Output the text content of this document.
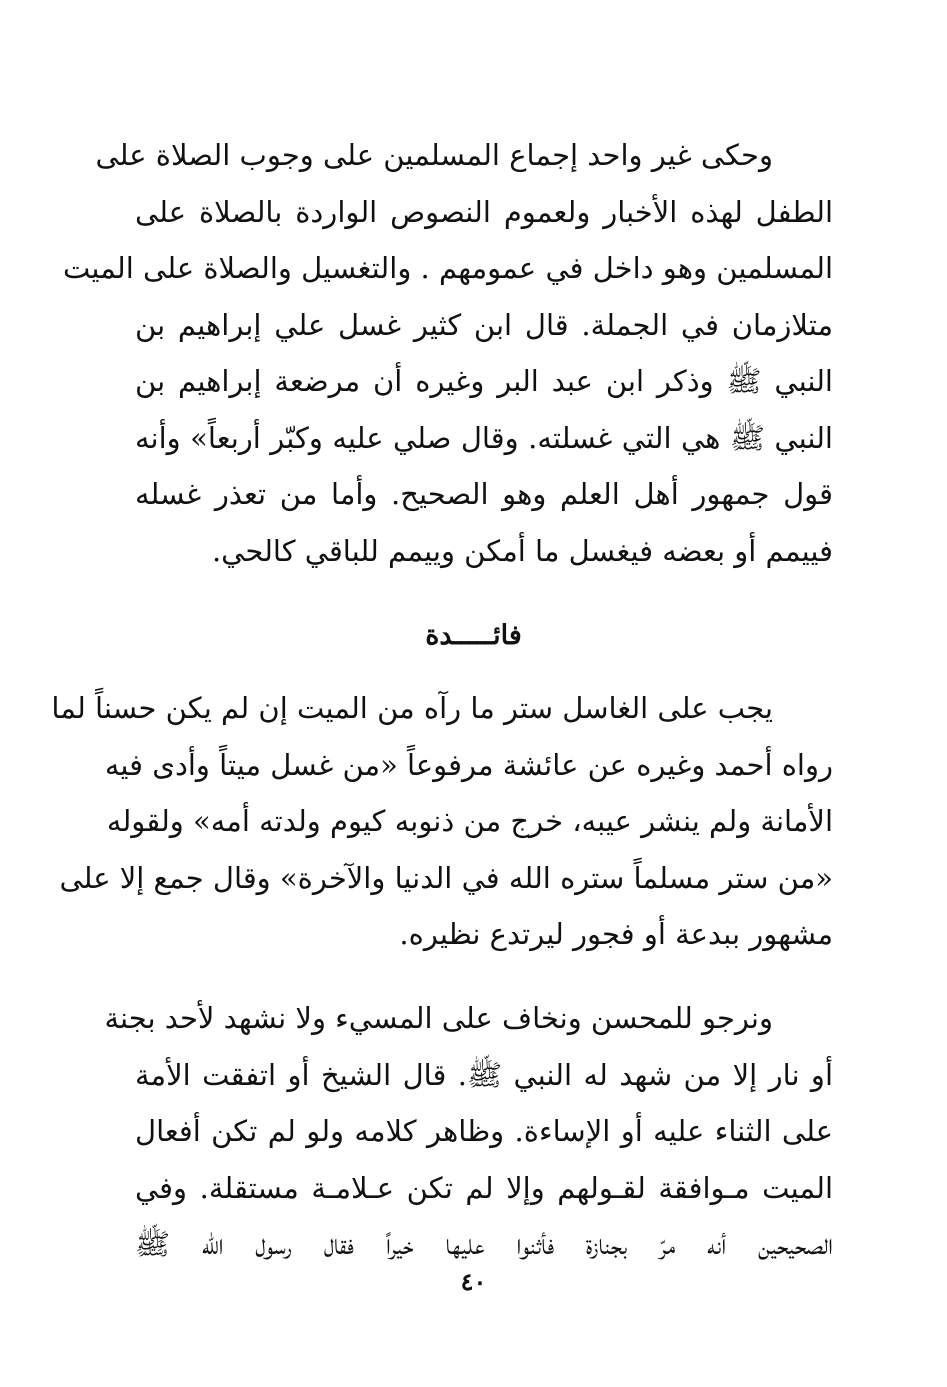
وحكى غير واحد إجماع المسلمين على وجوب الصلاة على
الطفل لهذه الأخبار ولعموم النصوص الواردة بالصلاة على
المسلمين وهو داخل في عمومهم . والتغسيل والصلاة على الميت
متلازمان في الجملة. قال ابن كثير غسل علي إبراهيم بن
النبي ﷺ وذكر ابن عبد البر وغيره أن مرضعة إبراهيم بن
النبي ﷺ هي التي غسلته. وقال صلي عليه وكبّر أربعاً» وأنه
قول جمهور أهل العلم وهو الصحيح. وأما من تعذر غسله
فييمم أو بعضه فيغسل ما أمكن وييمم للباقي كالحي.
فائـــــدة
يجب على الغاسل ستر ما رآه من الميت إن لم يكن حسناً لما
رواه أحمد وغيره عن عائشة مرفوعاً «من غسل ميتاً وأدى فيه
الأمانة ولم ينشر عيبه، خرج من ذنوبه كيوم ولدته أمه» ولقوله
«من ستر مسلماً ستره الله في الدنيا والآخرة» وقال جمع إلا على
مشهور ببدعة أو فجور ليرتدع نظيره.
ونرجو للمحسن ونخاف على المسيء ولا نشهد لأحد بجنة
أو نار إلا من شهد له النبي ﷺ. قال الشيخ أو اتفقت الأمة
على الثناء عليه أو الإساءة. وظاهر كلامه ولو لم تكن أفعال
الميت مـوافقة لقـولهم وإلا لم تكن عـلامـة مستقلة. وفي
الصحيحين أنه مرّ بجنازة فأثنوا عليها خيراً فقال رسول الله ﷺ
٤٠
